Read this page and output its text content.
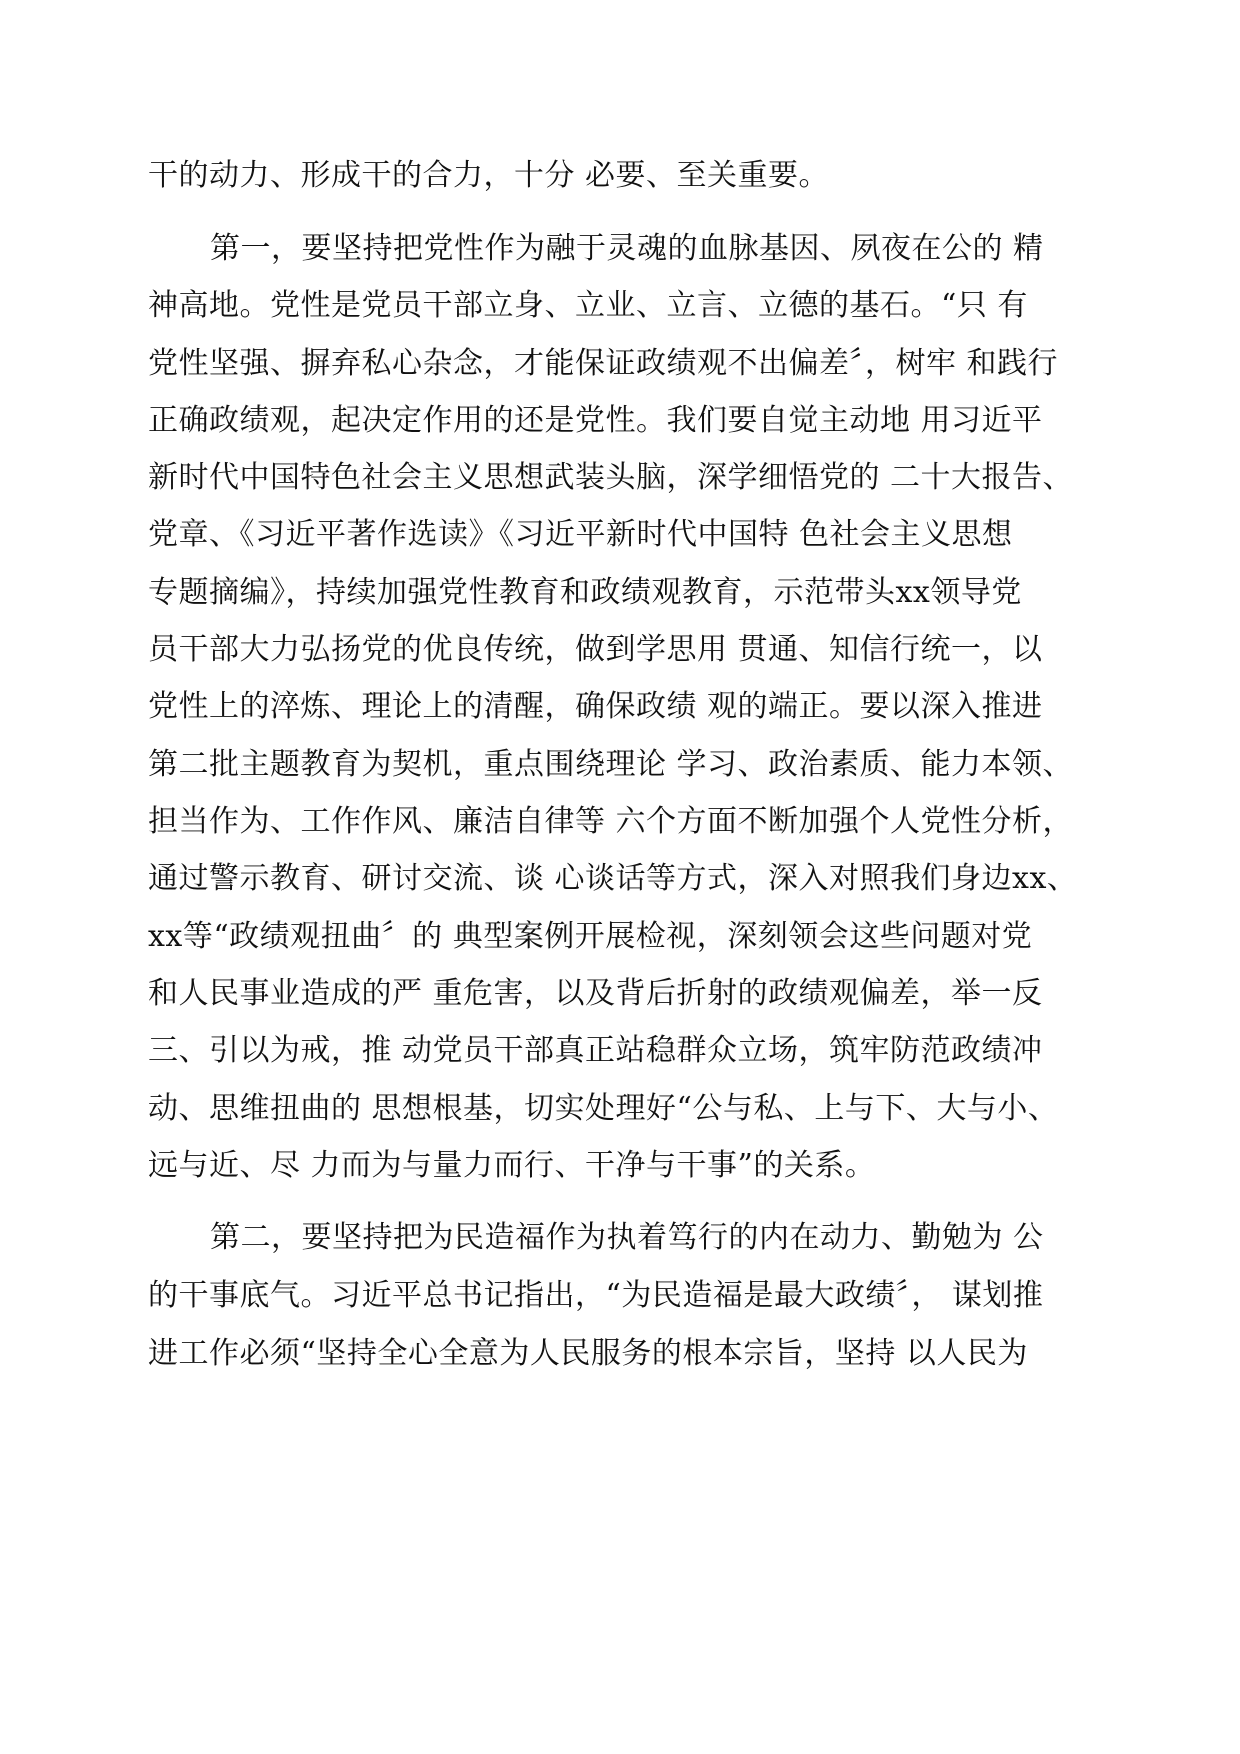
干的动力、形成干的合力，十分 必要、至关重要。
第一，要坚持把党性作为融于灵魂的血脉基因、夙夜在公的 精
神高地。党性是党员干部立身、立业、立言、立德的基石。“只 有
党性坚强、摒弃私心杂念，才能保证政绩观不出偏差〞，树牢 和践行
正确政绩观，起决定作用的还是党性。我们要自觉主动地 用习近平
新时代中国特色社会主义思想武装头脑，深学细悟党的 二十大报告、
党章、《习近平著作选读》《习近平新时代中国特 色社会主义思想
专题摘编》，持续加强党性教育和政绩观教育，示范带头xx领导党
员干部大力弘扬党的优良传统，做到学思用 贯通、知信行统一，以
党性上的淬炼、理论上的清醒，确保政绩 观的端正。要以深入推进
第二批主题教育为契机，重点围绕理论 学习、政治素质、能力本领、
担当作为、工作作风、廉洁自律等 六个方面不断加强个人党性分析，
通过警示教育、研讨交流、谈 心谈话等方式，深入对照我们身边xx、
xx等“政绩观扭曲〞的 典型案例开展检视，深刻领会这些问题对党
和人民事业造成的严 重危害，以及背后折射的政绩观偏差，举一反
三、引以为戒，推 动党员干部真正站稳群众立场，筑牢防范政绩冲
动、思维扭曲的 思想根基，切实处理好“公与私、上与下、大与小、
远与近、尽 力而为与量力而行、干净与干事”的关系。
第二，要坚持把为民造福作为执着笃行的内在动力、勤勉为 公
的干事底气。习近平总书记指出，“为民造福是最大政绩〞， 谋划推
进工作必须“坚持全心全意为人民服务的根本宗旨，坚持 以人民为
